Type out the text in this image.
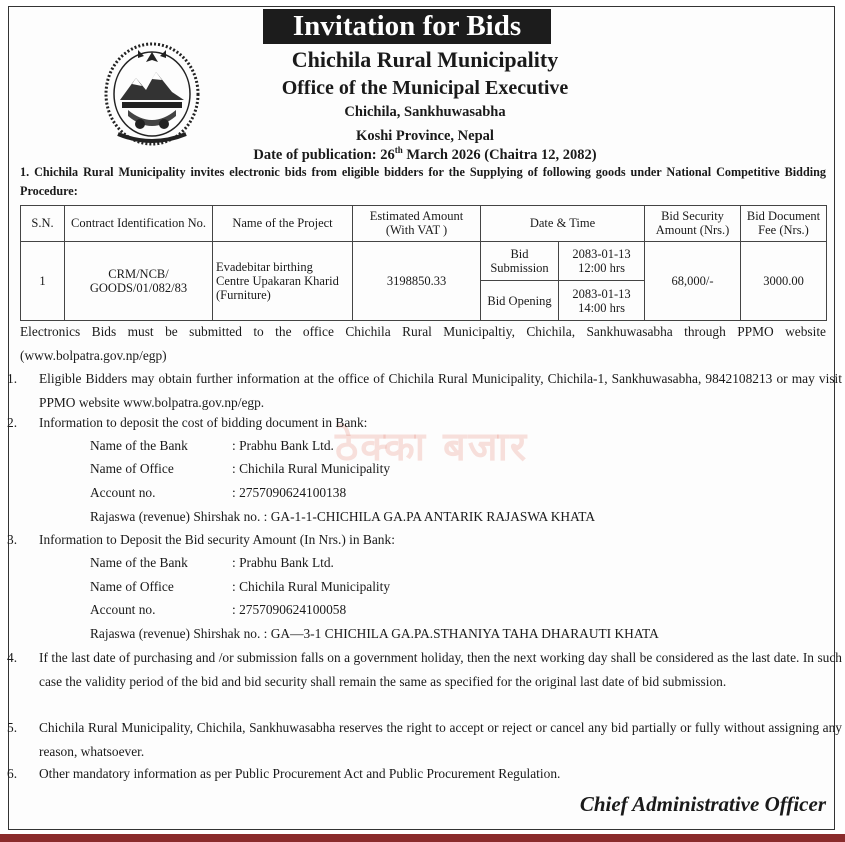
Invitation for Bids
Chichila Rural Municipality
Office of the Municipal Executive
Chichila, Sankhuwasabha
Koshi Province, Nepal
Date of publication: 26th March 2026 (Chaitra 12, 2082)
1. Chichila Rural Municipality invites electronic bids from eligible bidders for the Supplying of following goods under National Competitive Bidding Procedure:
S.N.	Contract Identification No.	Name of the Project	Estimated Amount (With VAT )	Date & Time		Bid Security Amount (Nrs.)	Bid Document Fee (Nrs.)
1	CRM/NCB/ GOODS/01/082/83	Evadebitar birthing Centre Upakaran Kharid (Furniture)	3198850.33	Bid Submission	2083-01-13
12:00 hrs	68,000/-	3000.00
				Bid Opening	2083-01-13
14:00 hrs		
Electronics Bids must be submitted to the office Chichila Rural Municipaltiy, Chichila, Sankhuwasabha through PPMO website (www.bolpatra.gov.np/egp)
1. Eligible Bidders may obtain further information at the office of Chichila Rural Municipality, Chichila-1, Sankhuwasabha, 9842108213 or may visit PPMO website www.bolpatra.gov.np/egp.
ठेक्का बजार
2. Information to deposit the cost of bidding document in Bank:
Name of the Bank	: Prabhu Bank Ltd.
Name of Office	: Chichila Rural Municipality
Account no.	: 2757090624100138
Rajaswa (revenue) Shirshak no. : GA-1-1-CHICHILA GA.PA ANTARIK RAJASWA KHATA
3. Information to Deposit the Bid security Amount (In Nrs.) in Bank:
Name of the Bank	: Prabhu Bank Ltd.
Name of Office	: Chichila Rural Municipality
Account no.	: 2757090624100058
Rajaswa (revenue) Shirshak no. : GA—3-1 CHICHILA GA.PA.STHANIYA TAHA DHARAUTI KHATA
4. If the last date of purchasing and /or submission falls on a government holiday, then the next working day shall be considered as the last date. In such case the validity period of the bid and bid security shall remain the same as specified for the original last date of bid submission.
5. Chichila Rural Municipality, Chichila, Sankhuwasabha reserves the right to accept or reject or cancel any bid partially or fully without assigning any reason, whatsoever.
6. Other mandatory information as per Public Procurement Act and Public Procurement Regulation.
Chief Administrative Officer
